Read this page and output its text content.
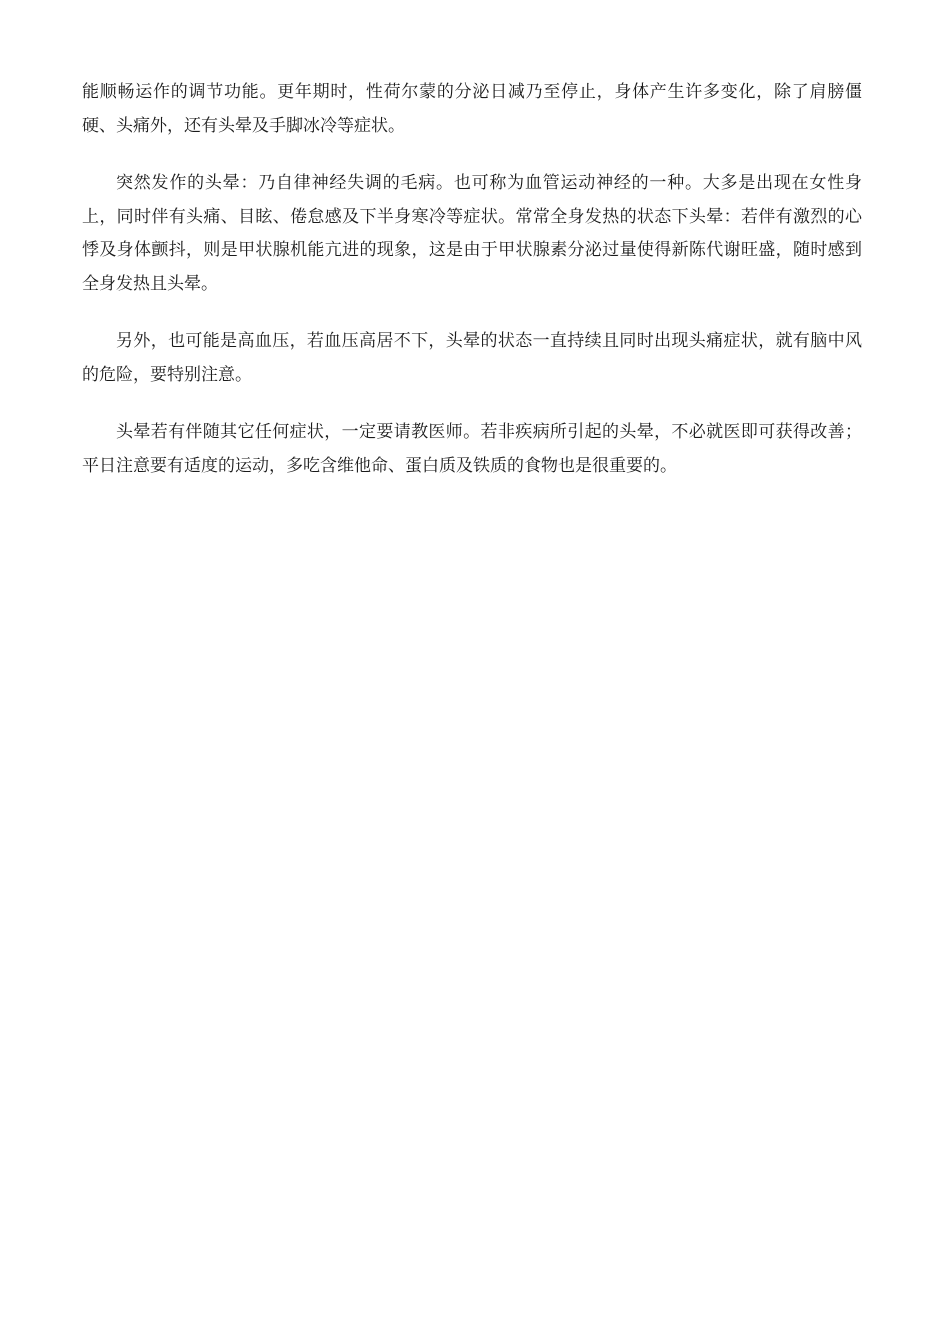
能顺畅运作的调节功能。更年期时，性荷尔蒙的分泌日减乃至停止，身体产生许多变化，除了肩膀僵硬、头痛外，还有头晕及手脚冰冷等症状。

突然发作的头晕：乃自律神经失调的毛病。也可称为血管运动神经的一种。大多是出现在女性身上，同时伴有头痛、目眩、倦怠感及下半身寒冷等症状。常常全身发热的状态下头晕：若伴有激烈的心悸及身体颤抖，则是甲状腺机能亢进的现象，这是由于甲状腺素分泌过量使得新陈代谢旺盛，随时感到全身发热且头晕。

另外，也可能是高血压，若血压高居不下，头晕的状态一直持续且同时出现头痛症状，就有脑中风的危险，要特别注意。

头晕若有伴随其它任何症状，一定要请教医师。若非疾病所引起的头晕，不必就医即可获得改善；平日注意要有适度的运动，多吃含维他命、蛋白质及铁质的食物也是很重要的。
